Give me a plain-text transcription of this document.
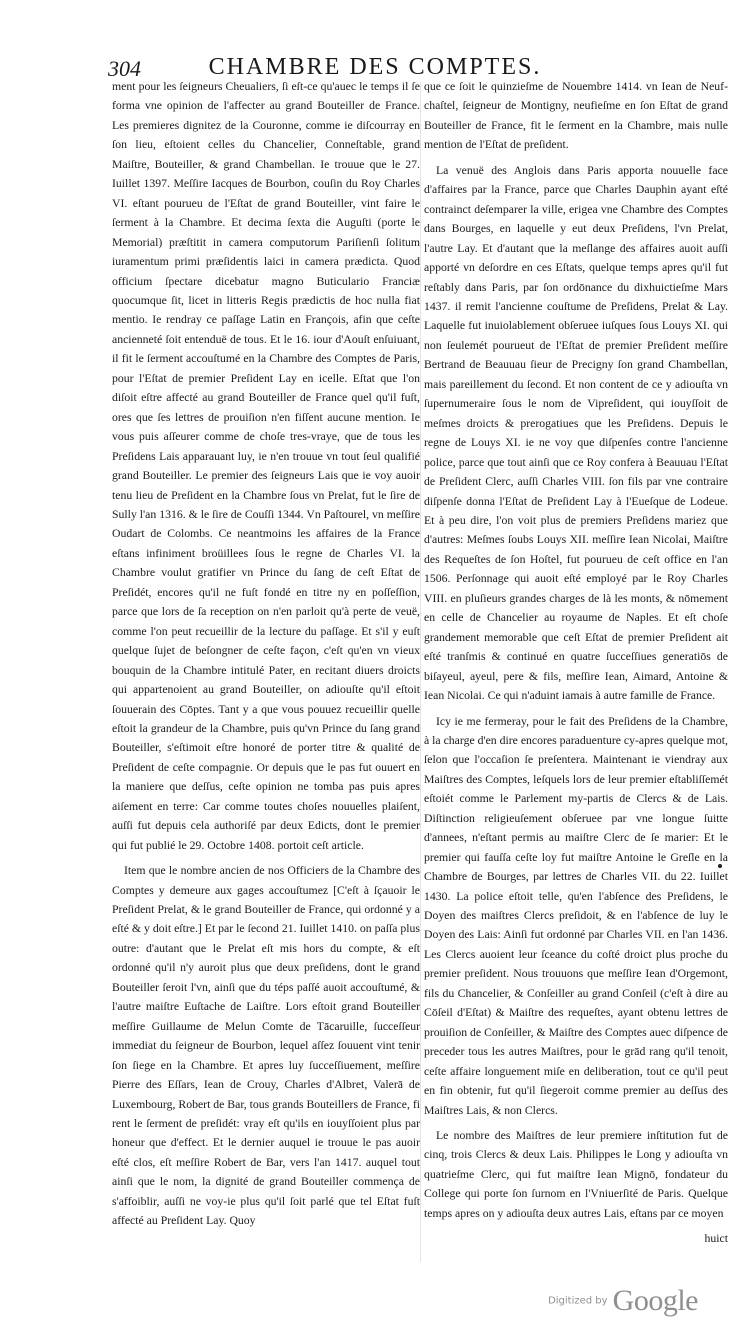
304	CHAMBRE DES COMPTES.

ment pour les ſeigneurs Cheualiers, ſi eſt-ce qu'auec le temps il ſe forma vne opinion de l'affecter au grand Bouteiller de France. Les premieres dignitez de la Couronne, comme ie diſcourray en ſon lieu, eſtoient celles du Chancelier, Conneſtable, grand Maiſtre, Bouteiller, & grand Chambellan. Ie trouue que le 27. Iuillet 1397. Meſſire Iacques de Bourbon, couſin du Roy Charles VI. eſtant pourueu de l'Eſtat de grand Bouteiller, vint faire le ſerment à la Chambre. Et decima ſexta die Auguſti (porte le Memorial) præſtitit in camera computorum Pariſienſi ſolitum iuramentum primi præſidentis laici in camera prædicta. Quod officium ſpectare dicebatur magno Buticulario Franciæ quocumque ſit, licet in litteris Regis prædictis de hoc nulla fiat mentio. Ie rendray ce paſſage Latin en François, afin que ceſte ancienneté ſoit entenduë de tous. Et le 16. iour d'Aouſt enſuiuant, il fit le ſerment accouſtumé en la Chambre des Comptes de Paris, pour l'Eſtat de premier Preſident Lay en icelle. Eſtat que l'on diſoit eſtre affecté au grand Bouteiller de France quel qu'il fuſt, ores que ſes lettres de prouiſion n'en fiſſent aucune mention. Ie vous puis aſſeurer comme de choſe tres-vraye, que de tous les Preſidens Lais apparauant luy, ie n'en trouue vn tout ſeul qualifié grand Bouteiller. Le premier des ſeigneurs Lais que ie voy auoir tenu lieu de Preſident en la Chambre ſous vn Prelat, fut le ſire de Sully l'an 1316. & le ſire de Couſſi 1344. Vn Paſtourel, vn meſſire Oudart de Colombs. Ce neantmoins les affaires de la France eſtans infiniment broüillees ſous le regne de Charles VI. la Chambre voulut gratifier vn Prince du ſang de ceſt Eſtat de Preſidét, encores qu'il ne fuſt fondé en titre ny en poſſeſſion, parce que lors de ſa reception on n'en parloit qu'à perte de veuë, comme l'on peut recueillir de la lecture du paſſage. Et s'il y euſt quelque ſujet de beſongner de ceſte façon, c'eſt qu'en vn vieux bouquin de la Chambre intitulé Pater, en recitant diuers droicts qui appartenoient au grand Bouteiller, on adiouſte qu'il eſtoit ſouuerain des Cōptes. Tant y a que vous pouuez recueillir quelle eſtoit la grandeur de la Chambre, puis qu'vn Prince du ſang grand Bouteiller, s'eſtimoit eſtre honoré de porter titre & qualité de Preſident de ceſte compagnie. Or depuis que le pas fut ouuert en la maniere que deſſus, ceſte opinion ne tomba pas puis apres aiſement en terre: Car comme toutes choſes nouuelles plaiſent, auſſi fut depuis cela authoriſé par deux Edicts, dont le premier qui fut publié le 29. Octobre 1408. portoit ceſt article.

Item que le nombre ancien de nos Officiers de la Chambre des Comptes y demeure aux gages accouſtumez [C'eſt à ſçauoir le Preſident Prelat, & le grand Bouteiller de France, qui ordonné y a eſté & y doit eſtre.] Et par le ſecond 21. Iuillet 1410. on paſſa plus outre: d'autant que le Prelat eſt mis hors du compte, & eſt ordonné qu'il n'y auroit plus que deux preſidens, dont le grand Bouteiller ſeroit l'vn, ainſi que du téps paſſé auoit accouſtumé, & l'autre maiſtre Euſtache de Laiſtre. Lors eſtoit grand Bouteiller meſſire Guillaume de Melun Comte de Tācaruille, ſucceſſeur immediat du ſeigneur de Bourbon, lequel aſſez ſouuent vint tenir ſon ſiege en la Chambre. Et apres luy ſucceſſiuement, meſſire Pierre des Eſſars, Iean de Crouy, Charles d'Albret, Valerā de Luxembourg, Robert de Bar, tous grands Bouteillers de France, fi rent le ſerment de preſidét: vray eſt qu'ils en iouyſſoient plus par honeur que d'effect. Et le dernier auquel ie trouue le pas auoir eſté clos, eſt meſſire Robert de Bar, vers l'an 1417. auquel tout ainſi que le nom, la dignité de grand Bouteiller commença de s'affoiblir, auſſi ne voy-ie plus qu'il ſoit parlé que tel Eſtat fuſt affecté au Preſident Lay. Quoy

que ce ſoit le quinzieſme de Nouembre 1414. vn Iean de Neuf-chaſtel, ſeigneur de Montigny, neufieſme en ſon Eſtat de grand Bouteiller de France, fit le ſerment en la Chambre, mais nulle mention de l'Eſtat de preſident.

La venuë des Anglois dans Paris apporta nouuelle face d'affaires par la France, parce que Charles Dauphin ayant eſté contrainct deſemparer la ville, erigea vne Chambre des Comptes dans Bourges, en laquelle y eut deux Preſidens, l'vn Prelat, l'autre Lay. Et d'autant que la meſlange des affaires auoit auſſi apporté vn deſordre en ces Eſtats, quelque temps apres qu'il fut reſtably dans Paris, par ſon ordōnance du dixhuictieſme Mars 1437. il remit l'ancienne couſtume de Preſidens, Prelat & Lay. Laquelle fut inuiolablement obſeruee iuſques ſous Louys XI. qui non ſeulemét pourueut de l'Eſtat de premier Preſident meſſire Bertrand de Beauuau ſieur de Precigny ſon grand Chambellan, mais pareillement du ſecond. Et non content de ce y adiouſta vn ſupernumeraire ſous le nom de Vipreſident, qui iouyſſoit de meſmes droicts & prerogatiues que les Preſidens. Depuis le regne de Louys XI. ie ne voy que diſpenſes contre l'ancienne police, parce que tout ainſi que ce Roy confera à Beauuau l'Eſtat de Preſident Clerc, auſſi Charles VIII. ſon fils par vne contraire diſpenſe donna l'Eſtat de Preſident Lay à l'Eueſque de Lodeue. Et à peu dire, l'on voit plus de premiers Preſidens mariez que d'autres: Meſmes ſoubs Louys XII. meſſire Iean Nicolai, Maiſtre des Requeſtes de ſon Hoſtel, fut pourueu de ceſt office en l'an 1506. Perſonnage qui auoit eſté employé par le Roy Charles VIII. en pluſieurs grandes charges de là les monts, & nōmement en celle de Chancelier au royaume de Naples. Et eſt choſe grandement memorable que ceſt Eſtat de premier Preſident ait eſté tranſmis & continué en quatre ſucceſſiues generatiōs de biſayeul, ayeul, pere & fils, meſſire Iean, Aimard, Antoine & Iean Nicolai. Ce qui n'aduint iamais à autre famille de France.

Icy ie me fermeray, pour le fait des Preſidens de la Chambre, à la charge d'en dire encores paraduenture cy-apres quelque mot, ſelon que l'occaſion ſe preſentera. Maintenant ie viendray aux Maiſtres des Comptes, leſquels lors de leur premier eſtabliſſemét eſtoiét comme le Parlement my-partis de Clercs & de Lais. Diſtinction religieuſement obſeruee par vne longue ſuitte d'annees, n'eſtant permis au maiſtre Clerc de ſe marier: Et le premier qui fauſſa ceſte loy fut maiſtre Antoine le Greſle en la Chambre de Bourges, par lettres de Charles VII. du 22. Iuillet 1430. La police eſtoit telle, qu'en l'abſence des Preſidens, le Doyen des maiſtres Clercs preſidoit, & en l'abſence de luy le Doyen des Lais: Ainſi fut ordonné par Charles VII. en l'an 1436. Les Clercs auoient leur ſceance du coſté droict plus proche du premier preſident. Nous trouuons que meſſire Iean d'Orgemont, fils du Chancelier, & Conſeiller au grand Conſeil (c'eſt à dire au Cōſeil d'Eſtat) & Maiſtre des requeſtes, ayant obtenu lettres de prouiſion de Conſeiller, & Maiſtre des Comptes auec diſpence de preceder tous les autres Maiſtres, pour le grād rang qu'il tenoit, ceſte affaire longuement miſe en deliberation, tout ce qu'il peut en fin obtenir, fut qu'il ſiegeroit comme premier au deſſus des Maiſtres Lais, & non Clercs.

Le nombre des Maiſtres de leur premiere inſtitution fut de cinq, trois Clercs & deux Lais. Philippes le Long y adiouſta vn quatrieſme Clerc, qui fut maiſtre Iean Mignō, fondateur du College qui porte ſon ſurnom en l'Vniuerſité de Paris. Quelque temps apres on y adiouſta deux autres Lais, eſtans par ce moyen

huict
Digitized by Google
